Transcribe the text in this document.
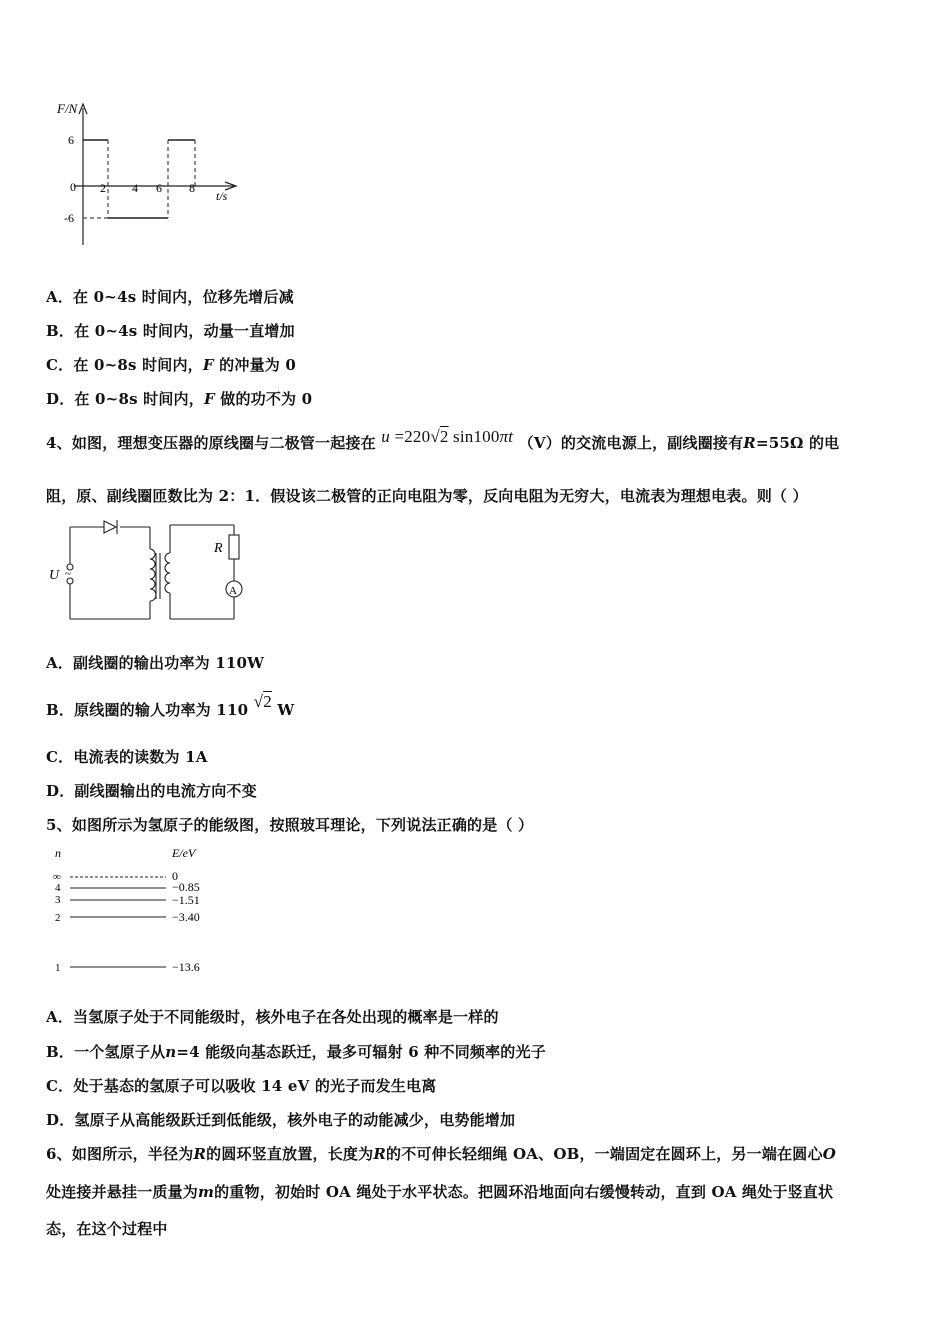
F/N
t/s
6
0
-6
2 4 6 8
A．在 0~4s 时间内，位移先增后减
B．在 0~4s 时间内，动量一直增加
C．在 0~8s 时间内，F 的冲量为 0
D．在 0~8s 时间内，F 做的功不为 0
4、如图，理想变压器的原线圈与二极管一起接在 u =220√2 sin100πt （V）的交流电源上，副线圈接有R=55Ω 的电
阻，原、副线圈匝数比为 2：1．假设该二极管的正向电阻为零，反向电阻为无穷大，电流表为理想电表。则（ ）
U ~
R
A
A．副线圈的输出功率为 110W
B．原线圈的输人功率为 110 √2 W
C．电流表的读数为 1A
D．副线圈输出的电流方向不变
5、如图所示为氢原子的能级图，按照玻耳理论，下列说法正确的是（ ）
n	E/eV
∞
4
3
2
1
0
−0.85
−1.51
−3.40
−13.6
A．当氢原子处于不同能级时，核外电子在各处出现的概率是一样的
B．一个氢原子从n=4 能级向基态跃迁，最多可辐射 6 种不同频率的光子
C．处于基态的氢原子可以吸收 14 eV 的光子而发生电离
D．氢原子从高能级跃迁到低能级，核外电子的动能减少，电势能增加
6、如图所示，半径为R的圆环竖直放置，长度为R的不可伸长轻细绳 OA、OB，一端固定在圆环上，另一端在圆心O
处连接并悬挂一质量为m的重物，初始时 OA 绳处于水平状态。把圆环沿地面向右缓慢转动，直到 OA 绳处于竖直状
态，在这个过程中
